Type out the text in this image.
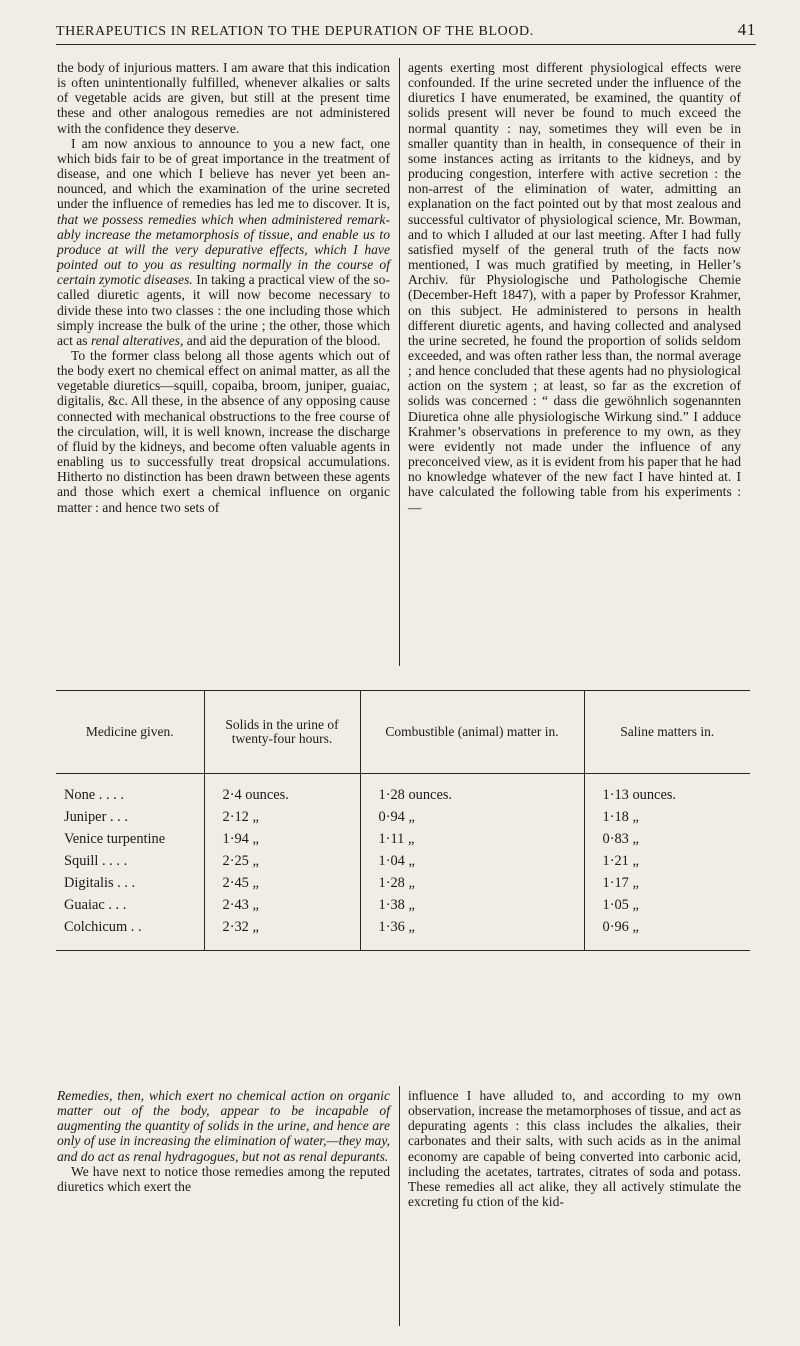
THERAPEUTICS IN RELATION TO THE DEPURATION OF THE BLOOD.	41

the body of injurious matters. I am aware that this indication is often unintentionally fulfilled, whenever alkalies or salts of vegetable acids are given, but still at the present time these and other analogous remedies are not administered with the confidence they deserve.

I am now anxious to announce to you a new fact, one which bids fair to be of great importance in the treatment of disease, and one which I believe has never yet been announced, and which the examination of the urine secreted under the influence of remedies has led me to discover. It is, that we possess remedies which when administered remarkably increase the metamorphosis of tissue, and enable us to produce at will the very depurative effects, which I have pointed out to you as resulting normally in the course of certain zymotic diseases. In taking a practical view of the so-called diuretic agents, it will now become necessary to divide these into two classes : the one including those which simply increase the bulk of the urine ; the other, those which act as renal alteratives, and aid the depuration of the blood.

To the former class belong all those agents which out of the body exert no chemical effect on animal matter, as all the vegetable diuretics—squill, copaiba, broom, juniper, guaiac, digitalis, &c. All these, in the absence of any opposing cause connected with mechanical obstructions to the free course of the circulation, will, it is well known, increase the discharge of fluid by the kidneys, and become often valuable agents in enabling us to successfully treat dropsical accumulations. Hitherto no distinction has been drawn between these agents and those which exert a chemical influence on organic matter : and hence two sets of

agents exerting most different physiological effects were confounded. If the urine secreted under the influence of the diuretics I have enumerated, be examined, the quantity of solids present will never be found to much exceed the normal quantity : nay, sometimes they will even be in smaller quantity than in health, in consequence of their in some instances acting as irritants to the kidneys, and by producing congestion, interfere with active secretion : the non-arrest of the elimination of water, admitting an explanation on the fact pointed out by that most zealous and successful cultivator of physiological science, Mr. Bowman, and to which I alluded at our last meeting. After I had fully satisfied myself of the general truth of the facts now mentioned, I was much gratified by meeting, in Heller’s Archiv. für Physiologische und Pathologische Chemie (December-Heft 1847), with a paper by Professor Krahmer, on this subject. He administered to persons in health different diuretic agents, and having collected and analysed the urine secreted, he found the proportion of solids seldom exceeded, and was often rather less than, the normal average ; and hence concluded that these agents had no physiological action on the system ; at least, so far as the excretion of solids was concerned : “ dass die gewöhnlich sogenannten Diuretica ohne alle physiologische Wirkung sind.” I adduce Krahmer’s observations in preference to my own, as they were evidently not made under the influence of any preconceived view, as it is evident from his paper that he had no knowledge whatever of the new fact I have hinted at. I have calculated the following table from his experiments : —

Medicine given.	Solids in the urine of twenty-four hours.	Combustible (animal) matter in.	Saline matters in.
None . . . .	2·4 ounces.	1·28 ounces.	1·13 ounces.
Juniper . . .	2·12 „	0·94 „	1·18 „
Venice turpentine	1·94 „	1·11 „	0·83 „
Squill . . . .	2·25 „	1·04 „	1·21 „
Digitalis . . .	2·45 „	1·28 „	1·17 „
Guaiac . . .	2·43 „	1·38 „	1·05 „
Colchicum . .	2·32 „	1·36 „	0·96 „

Remedies, then, which exert no chemical action on organic matter out of the body, appear to be incapable of augmenting the quantity of solids in the urine, and hence are only of use in increasing the elimination of water,—they may, and do act as renal hydragogues, but not as renal depurants.

We have next to notice those remedies among the reputed diuretics which exert the

influence I have alluded to, and according to my own observation, increase the metamorphoses of tissue, and act as depurating agents : this class includes the alkalies, their carbonates and their salts, with such acids as in the animal economy are capable of being converted into carbonic acid, including the acetates, tartrates, citrates of soda and potass. These remedies all act alike, they all actively stimulate the excreting fu ction of the kid-
